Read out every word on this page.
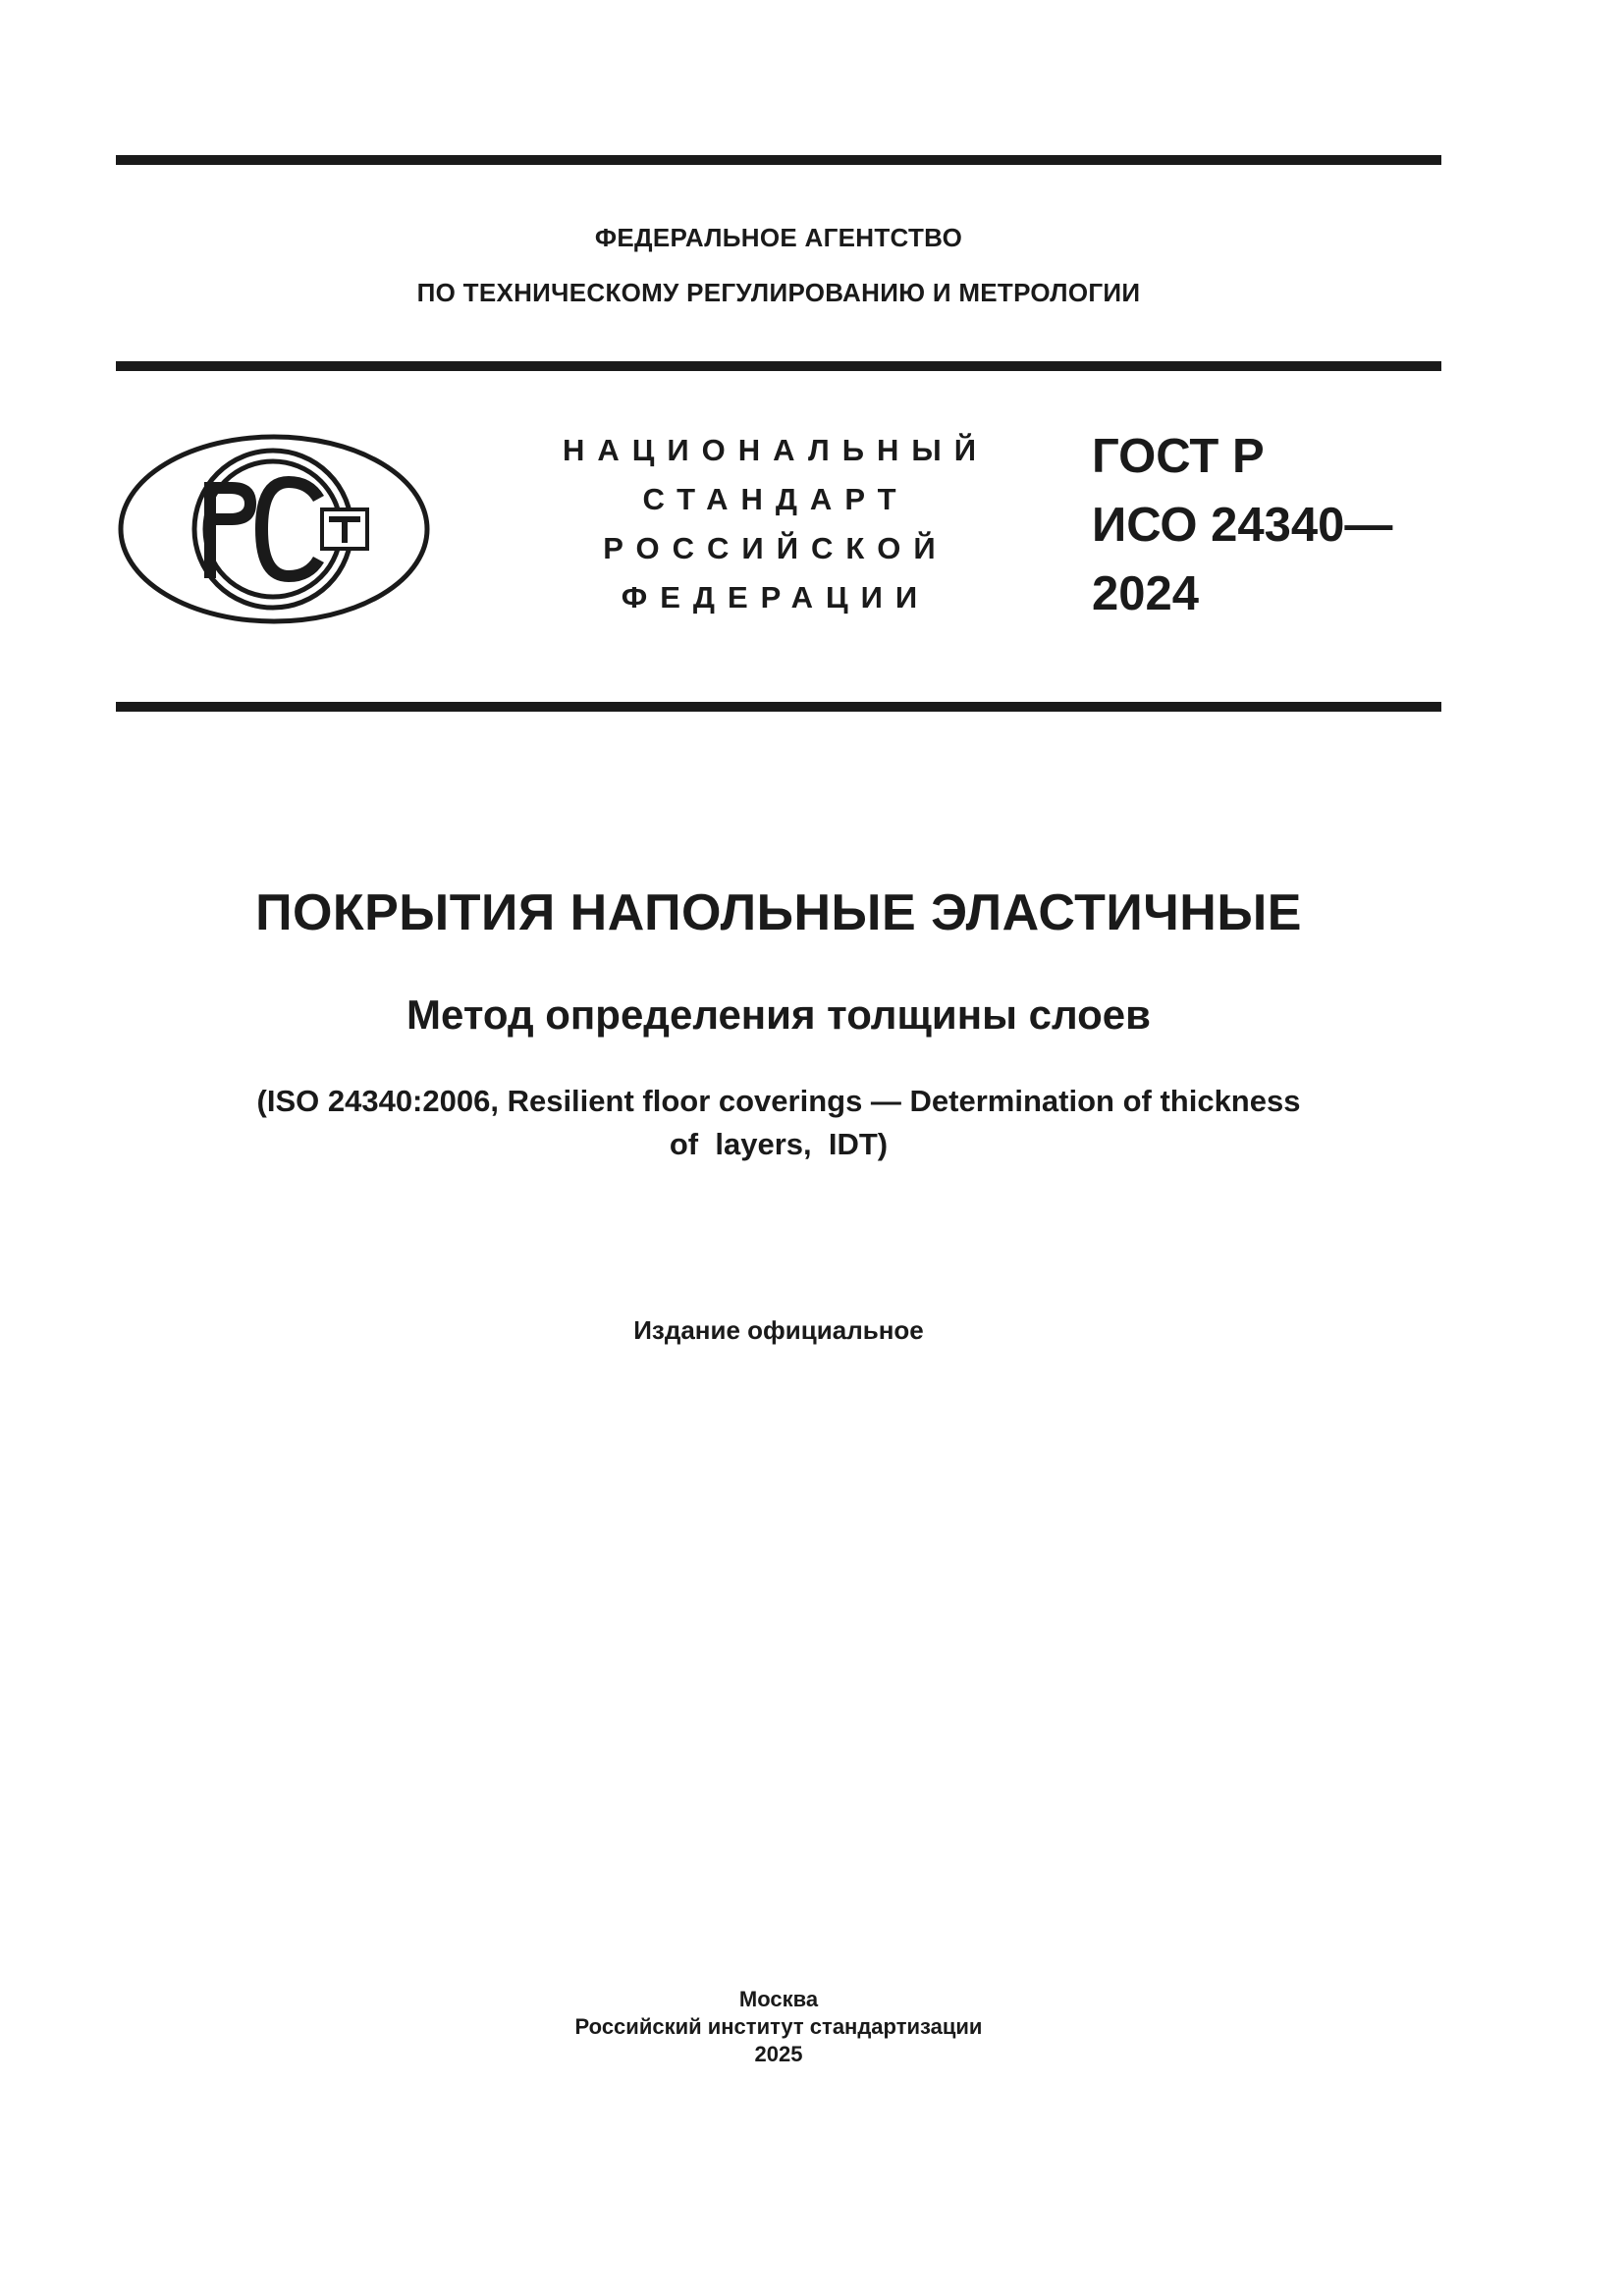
ФЕДЕРАЛЬНОЕ АГЕНТСТВО
ПО ТЕХНИЧЕСКОМУ РЕГУЛИРОВАНИЮ И МЕТРОЛОГИИ
НАЦИОНАЛЬНЫЙ
СТАНДАРТ
РОССИЙСКОЙ
ФЕДЕРАЦИИ
ГОСТ Р
ИСО 24340—
2024
ПОКРЫТИЯ НАПОЛЬНЫЕ ЭЛАСТИЧНЫЕ
Метод определения толщины слоев
(ISO 24340:2006, Resilient floor coverings — Determination of thickness
of  layers,  IDT)
Издание официальное
Москва
Российский институт стандартизации
2025
